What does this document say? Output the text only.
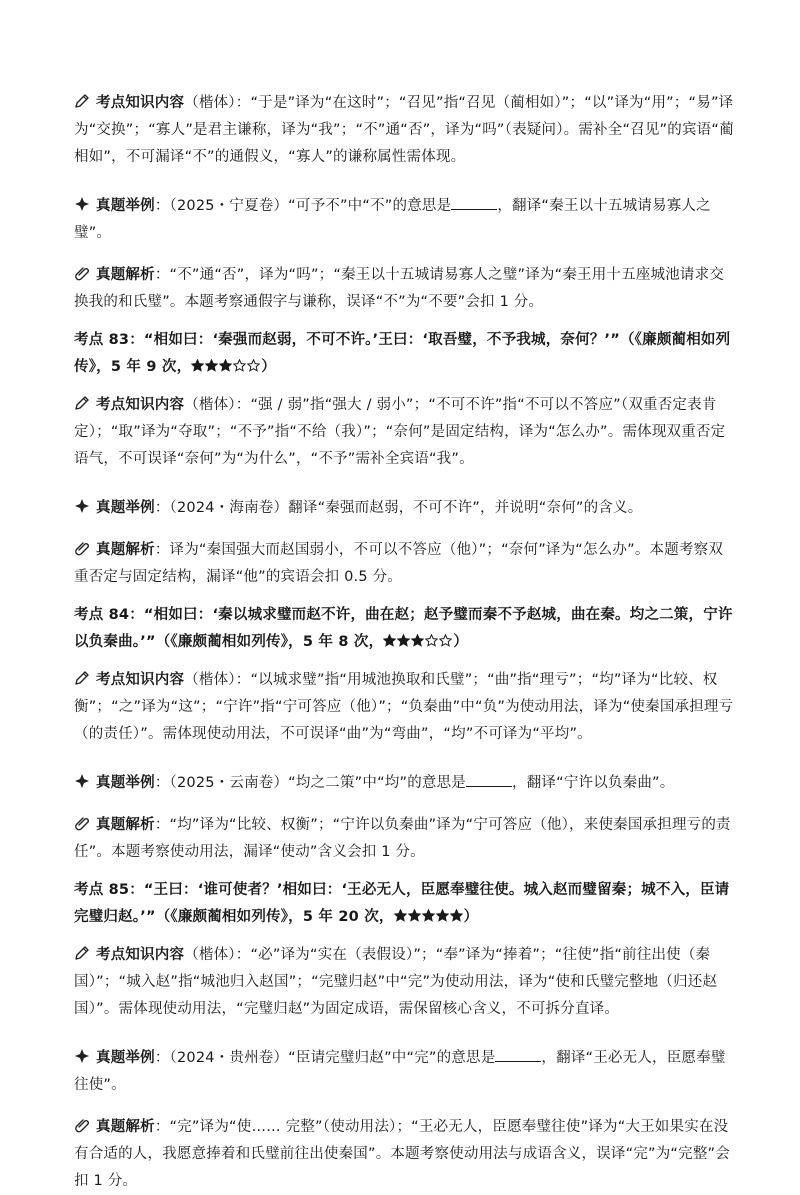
考点知识内容（楷体）：“于是”译为“在这时”；“召见”指“召见（蔺相如）”；“以”译为“用”；“易”译为“交换”；“寡人”是君主谦称，译为“我”；“不”通“否”，译为“吗”（表疑问）。需补全“召见”的宾语“蔺相如”，不可漏译“不”的通假义，“寡人”的谦称属性需体现。
真题举例：（2025・宁夏卷）“可予不”中“不”的意思是	，翻译“秦王以十五城请易寡人之璧”。
真题解析：“不”通“否”，译为“吗”；“秦王以十五城请易寡人之璧”译为“秦王用十五座城池请求交换我的和氏璧”。本题考察通假字与谦称，误译“不”为“不要”会扣 1 分。
考点 83：“相如曰：‘秦强而赵弱，不可不许。’王曰：‘取吾璧，不予我城，奈何？’”（《廉颇蔺相如列传》，5 年 9 次，	）
考点知识内容（楷体）：“强 / 弱”指“强大 / 弱小”；“不可不许”指“不可以不答应”（双重否定表肯定）；“取”译为“夺取”；“不予”指“不给（我）”；“奈何”是固定结构，译为“怎么办”。需体现双重否定语气，不可误译“奈何”为“为什么”，“不予”需补全宾语“我”。
真题举例：（2024・海南卷）翻译“秦强而赵弱，不可不许”，并说明“奈何”的含义。
真题解析：译为“秦国强大而赵国弱小，不可以不答应（他）”；“奈何”译为“怎么办”。本题考察双重否定与固定结构，漏译“他”的宾语会扣 0.5 分。
考点 84：“相如曰：‘秦以城求璧而赵不许，曲在赵；赵予璧而秦不予赵城，曲在秦。均之二策，宁许以负秦曲。’”（《廉颇蔺相如列传》，5 年 8 次，	）
考点知识内容（楷体）：“以城求璧”指“用城池换取和氏璧”；“曲”指“理亏”；“均”译为“比较、权衡”；“之”译为“这”；“宁许”指“宁可答应（他）”；“负秦曲”中“负”为使动用法，译为“使秦国承担理亏（的责任）”。需体现使动用法，不可误译“曲”为“弯曲”，“均”不可译为“平均”。
真题举例：（2025・云南卷）“均之二策”中“均”的意思是	，翻译“宁许以负秦曲”。
真题解析：“均”译为“比较、权衡”；“宁许以负秦曲”译为“宁可答应（他），来使秦国承担理亏的责任”。本题考察使动用法，漏译“使动”含义会扣 1 分。
考点 85：“王曰：‘谁可使者？’相如曰：‘王必无人，臣愿奉璧往使。城入赵而璧留秦；城不入，臣请完璧归赵。’”（《廉颇蔺相如列传》，5 年 20 次，	）
考点知识内容（楷体）：“必”译为“实在（表假设）”；“奉”译为“捧着”；“往使”指“前往出使（秦国）”；“城入赵”指“城池归入赵国”；“完璧归赵”中“完”为使动用法，译为“使和氏璧完整地（归还赵国）”。需体现使动用法，“完璧归赵”为固定成语，需保留核心含义，不可拆分直译。
真题举例：（2024・贵州卷）“臣请完璧归赵”中“完”的意思是	，翻译“王必无人，臣愿奉璧往使”。
真题解析：“完”译为“使…… 完整”（使动用法）；“王必无人，臣愿奉璧往使”译为“大王如果实在没有合适的人，我愿意捧着和氏璧前往出使秦国”。本题考察使动用法与成语含义，误译“完”为“完整”会扣 1 分。
